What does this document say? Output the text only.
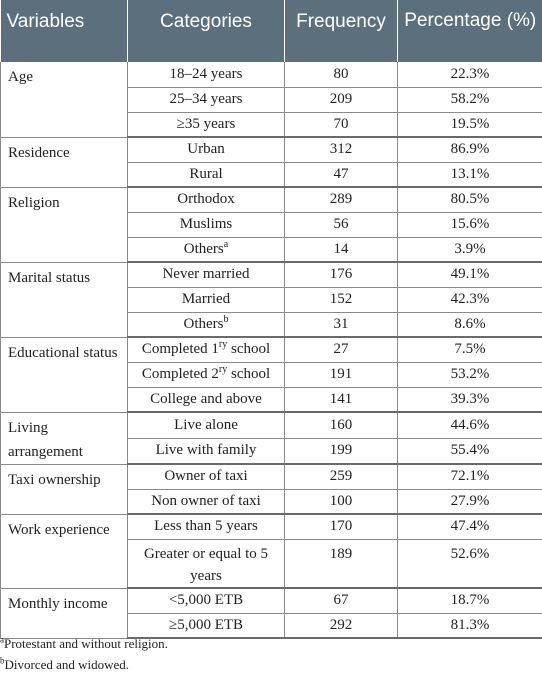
Variables	Categories	Frequency	Percentage (%)
Age	18–24 years	80	22.3%
	25–34 years	209	58.2%
	≥35 years	70	19.5%
Residence	Urban	312	86.9%
	Rural	47	13.1%
Religion	Orthodox	289	80.5%
	Muslims	56	15.6%
	Others$^a$	14	3.9%
Marital status	Never married	176	49.1%
	Married	152	42.3%
	Others$^b$	31	8.6%
Educational status	Completed $1^{ry}$ school	27	7.5%
	Completed $2^{ry}$ school	191	53.2%
	College and above	141	39.3%
Living arrangement	Live alone	160	44.6%
	Live with family	199	55.4%
Taxi ownership	Owner of taxi	259	72.1%
	Non owner of taxi	100	27.9%
Work experience	Less than 5 years	170	47.4%
	Greater or equal to 5 years	189	52.6%
Monthly income	<5,000 ETB	67	18.7%
	≥5,000 ETB	292	81.3%
$^a$Protestant and without religion.
$^b$Divorced and widowed.
